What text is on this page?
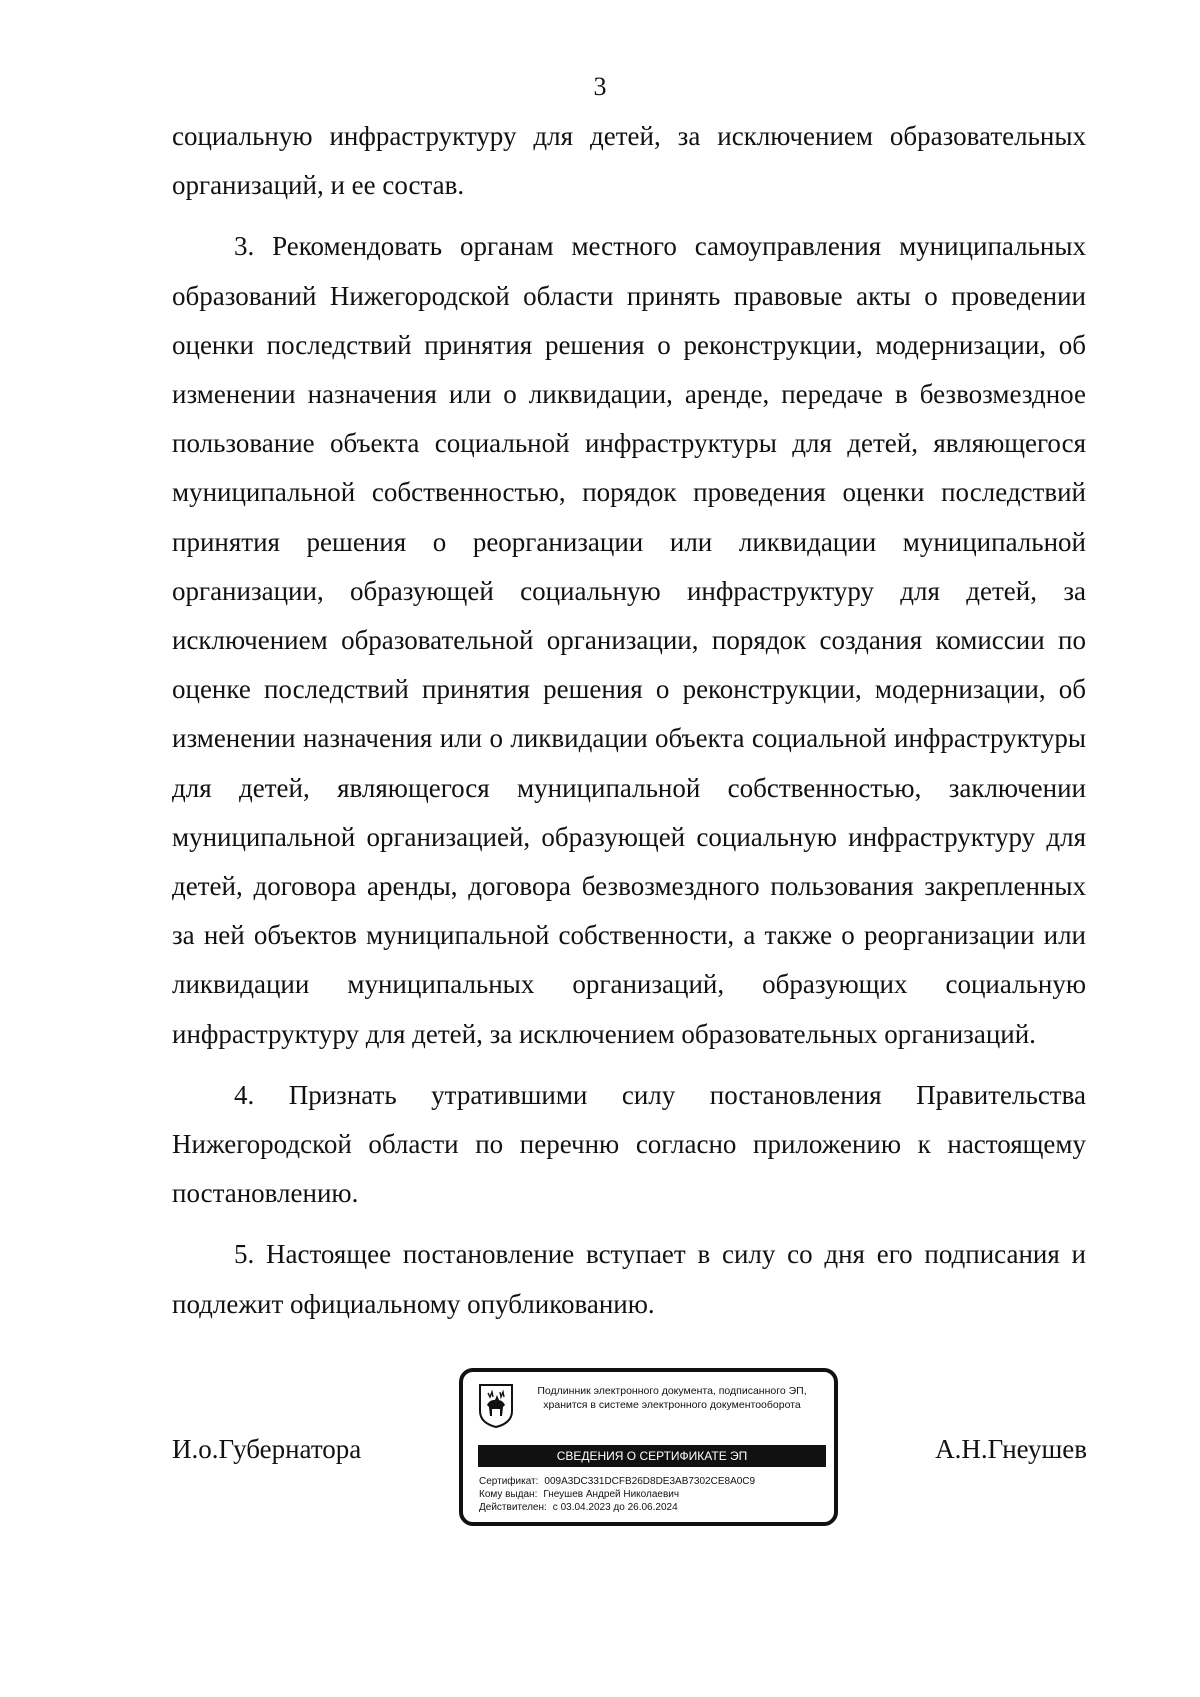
3

социальную инфраструктуру для детей, за исключением образовательных организаций, и ее состав.

3. Рекомендовать органам местного самоуправления муниципальных образований Нижегородской области принять правовые акты о проведении оценки последствий принятия решения о реконструкции, модернизации, об изменении назначения или о ликвидации, аренде, передаче в безвозмездное пользование объекта социальной инфраструктуры для детей, являющегося муниципальной собственностью, порядок проведения оценки последствий принятия решения о реорганизации или ликвидации муниципальной организации, образующей социальную инфраструктуру для детей, за исключением образовательной организации, порядок создания комиссии по оценке последствий принятия решения о реконструкции, модернизации, об изменении назначения или о ликвидации объекта социальной инфраструктуры для детей, являющегося муниципальной собственностью, заключении муниципальной организацией, образующей социальную инфраструктуру для детей, договора аренды, договора безвозмездного пользования закрепленных за ней объектов муниципальной собственности, а также о реорганизации или ликвидации муниципальных организаций, образующих социальную инфраструктуру для детей, за исключением образовательных организаций.

4. Признать утратившими силу постановления Правительства Нижегородской области по перечню согласно приложению к настоящему постановлению.

5. Настоящее постановление вступает в силу со дня его подписания и подлежит официальному опубликованию.

И.о.Губернатора	А.Н.Гнеушев
Подлинник электронного документа, подписанного ЭП, хранится в системе электронного документооборота
СВЕДЕНИЯ О СЕРТИФИКАТЕ ЭП
Сертификат: 009A3DC331DCFB26D8DE3AB7302CE8A0C9
Кому выдан: Гнеушев Андрей Николаевич
Действителен: с 03.04.2023 до 26.06.2024
